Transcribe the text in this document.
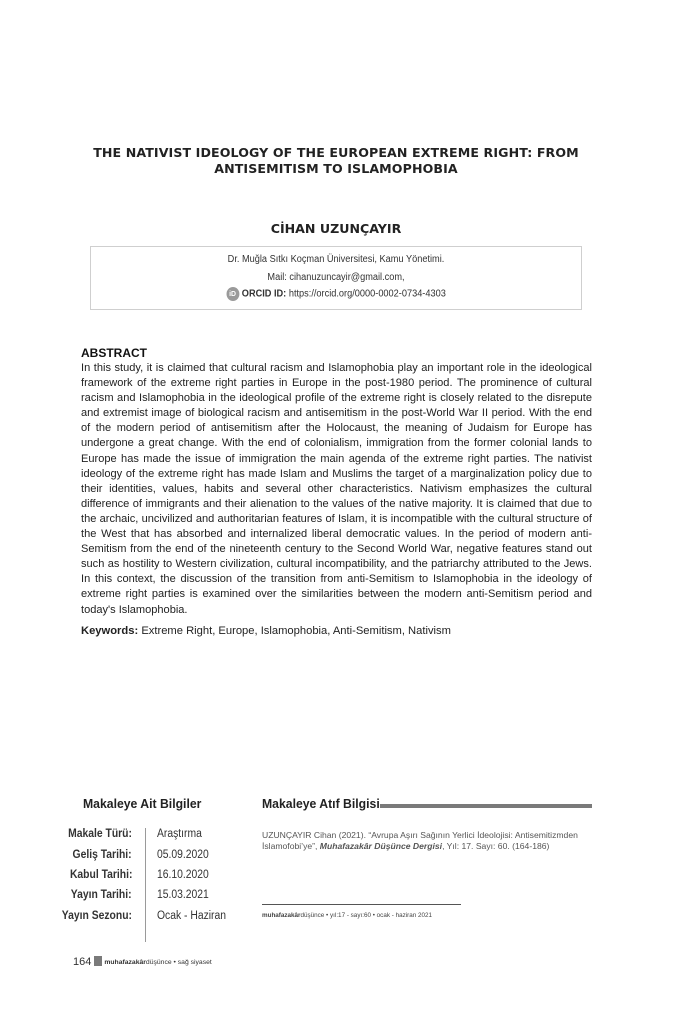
THE NATIVIST IDEOLOGY OF THE EUROPEAN EXTREME RIGHT: FROM
ANTISEMITISM TO ISLAMOPHOBIA
CİHAN UZUNÇAYIR
Dr. Muğla Sıtkı Koçman Üniversitesi, Kamu Yönetimi.
Mail: cihanuzuncayir@gmail.com,
iD ORCID ID: https://orcid.org/0000-0002-0734-4303
ABSTRACT
In this study, it is claimed that cultural racism and Islamophobia play an important role in the ideological framework of the extreme right parties in Europe in the post-1980 period. The prominence of cultural racism and Islamophobia in the ideological profile of the extreme right is closely related to the disrepute and extremist image of biological racism and antisemitism in the post-World War II period. With the end of the modern period of antisemitism after the Holocaust, the meaning of Judaism for Europe has undergone a great change. With the end of colonialism, immigration from the former colonial lands to Europe has made the issue of immigration the main agenda of the extreme right parties. The nativist ideology of the extreme right has made Islam and Muslims the target of a marginalization policy due to their identities, values, habits and several other characteristics. Nativism emphasizes the cultural difference of immigrants and their alienation to the values of the native majority. It is claimed that due to the archaic, uncivilized and authoritarian features of Islam, it is incompatible with the cultural structure of the West that has absorbed and internalized liberal democratic values. In the period of modern anti-Semitism from the end of the nineteenth century to the Second World War, negative features stand out such as hostility to Western civilization, cultural incompatibility, and the patriarchy attributed to the Jews. In this context, the discussion of the transition from anti-Semitism to Islamophobia in the ideology of extreme right parties is examined over the similarities between the modern anti-Semitism period and today's Islamophobia.
Keywords: Extreme Right, Europe, Islamophobia, Anti-Semitism, Nativism
Makaleye Ait Bilgiler	Makaleye Atıf Bilgisi
Makale Türü: Araştırma
Geliş Tarihi: 05.09.2020
Kabul Tarihi: 16.10.2020
Yayın Tarihi: 15.03.2021
Yayın Sezonu: Ocak - Haziran
UZUNÇAYIR Cihan (2021). “Avrupa Aşırı Sağının Yerlici İdeolojisi: Antisemitizmden İslamofobi’ye”, Muhafazakâr Düşünce Dergisi, Yıl: 17. Sayı: 60. (164-186)
muhafazakârdüşünce • yıl:17 - sayı:60 • ocak - haziran 2021
164 muhafazakârdüşünce • sağ siyaset
